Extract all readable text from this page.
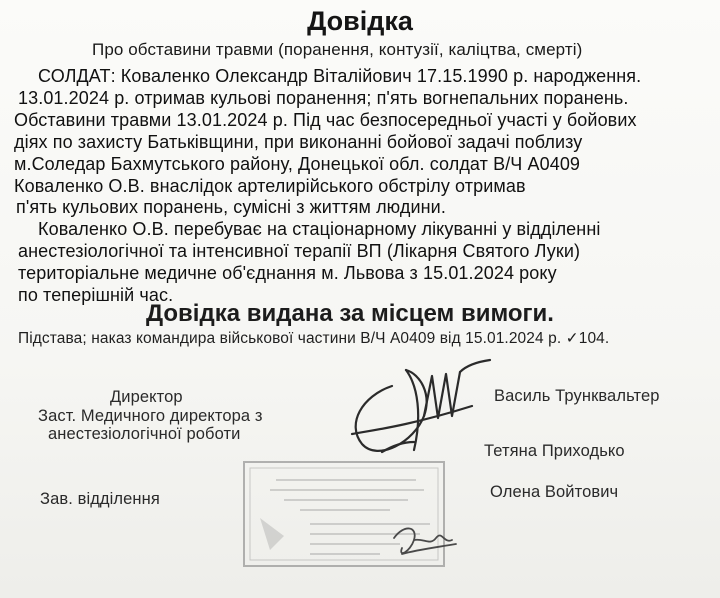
Довідка
Про обставини травми (поранення, контузії, каліцтва, смерті)
СОЛДАТ: Коваленко Олександр Віталійович 17.15.1990 р. народження.
13.01.2024 р. отримав кульові поранення; п'ять вогнепальних поранень.
Обставини травми 13.01.2024 р. Під час безпосередньої участі у бойових
діях по захисту Батьківщини, при виконанні бойової задачі поблизу
м.Соледар Бахмутського району, Донецької обл. солдат В/Ч А0409
Коваленко О.В. внаслідок артелирійського обстрілу отримав
п'ять кульових поранень, сумісні з життям людини.
Коваленко О.В. перебуває на стаціонарному лікуванні у відділенні
анестезіологічної та інтенсивної терапії ВП (Лікарня Святого Луки)
територіальне медичне об'єднання м. Львова з 15.01.2024 року
по теперішній час.
Довідка видана за місцем вимоги.
Підстава; наказ командира військової частини В/Ч А0409 від 15.01.2024 р. ✓104.
Директор
Заст. Медичного директора з
анестезіологічної роботи
Зав. відділення
Василь Трунквальтер
Тетяна Приходько
Олена Войтович
